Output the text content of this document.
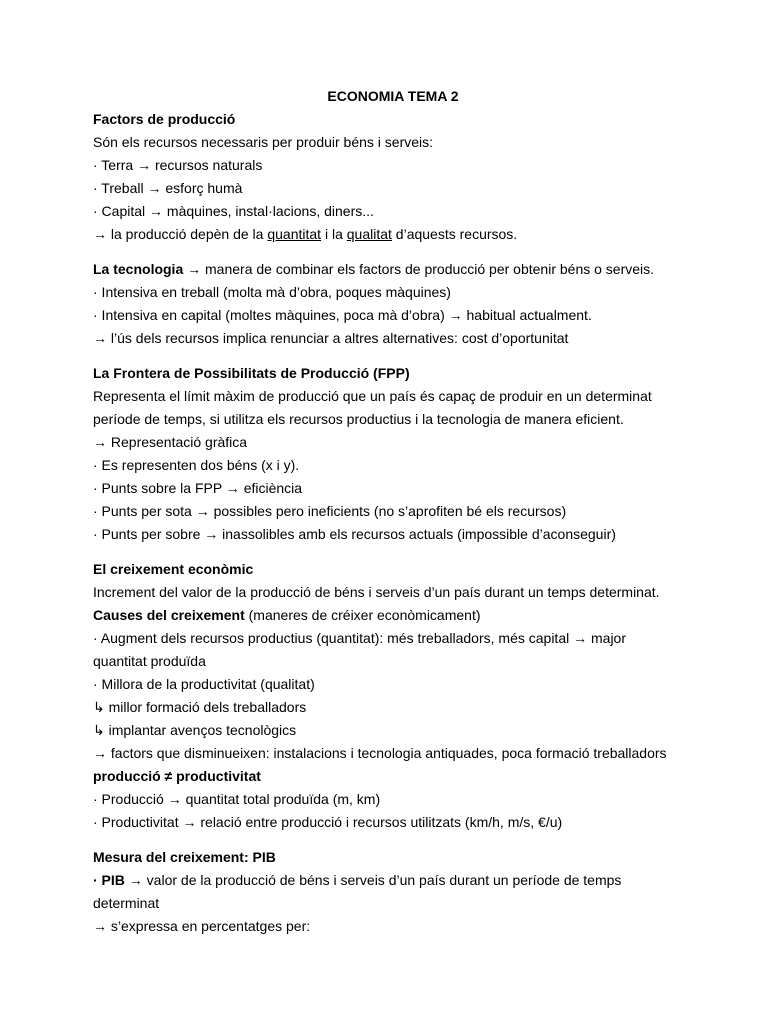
ECONOMIA TEMA 2
Factors de producció
Són els recursos necessaris per produir béns i serveis:
· Terra → recursos naturals
· Treball → esforç humà
· Capital → màquines, instal·lacions, diners...
→ la producció depèn de la quantitat i la qualitat d’aquests recursos.
La tecnologia → manera de combinar els factors de producció per obtenir béns o serveis.
· Intensiva en treball (molta mà d’obra, poques màquines)
· Intensiva en capital (moltes màquines, poca mà d’obra) → habitual actualment.
→ l’ús dels recursos implica renunciar a altres alternatives: cost d’oportunitat
La Frontera de Possibilitats de Producció (FPP)
Representa el límit màxim de producció que un país és capaç de produir en un determinat
període de temps, si utilitza els recursos productius i la tecnologia de manera eficient.
→ Representació gràfica
· Es representen dos béns (x i y).
· Punts sobre la FPP → eficiència
· Punts per sota → possibles pero ineficients (no s’aprofiten bé els recursos)
· Punts per sobre → inassolibles amb els recursos actuals (impossible d’aconseguir)
El creixement econòmic
Increment del valor de la producció de béns i serveis d’un país durant un temps determinat.
Causes del creixement (maneres de créixer econòmicament)
· Augment dels recursos productius (quantitat): més treballadors, més capital → major
quantitat produïda
· Millora de la productivitat (qualitat)
↳ millor formació dels treballadors
↳ implantar avenços tecnològics
→ factors que disminueixen: instalacions i tecnologia antiquades, poca formació treballadors
producció ≠ productivitat
· Producció → quantitat total produïda (m, km)
· Productivitat → relació entre producció i recursos utilitzats (km/h, m/s, €/u)
Mesura del creixement: PIB
· PIB → valor de la producció de béns i serveis d’un país durant un període de temps
determinat
→ s’expressa en percentatges per:
